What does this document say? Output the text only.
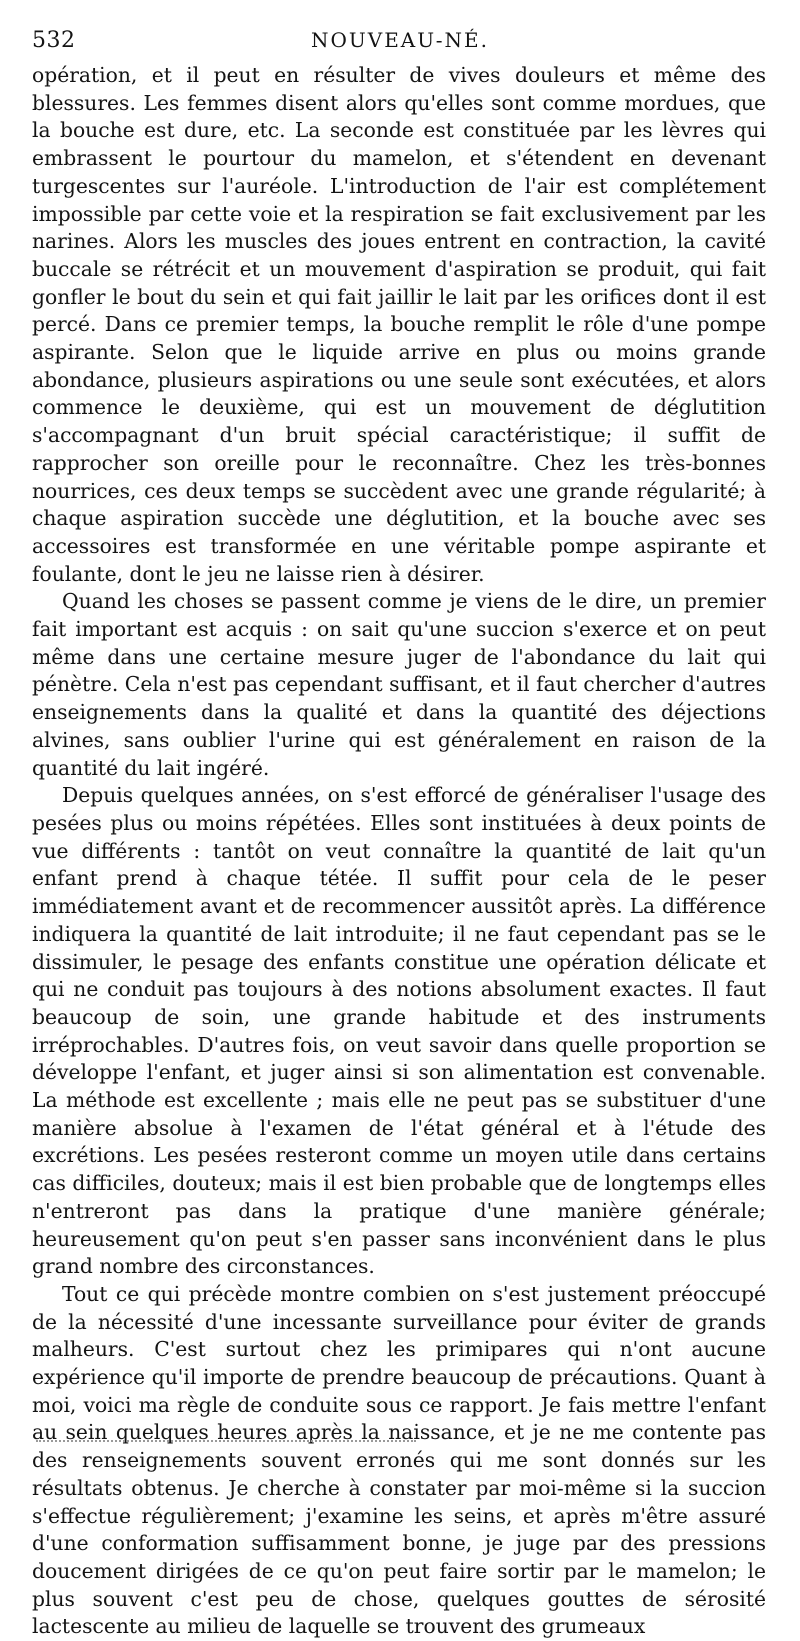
532	NOUVEAU-NÉ.

opération, et il peut en résulter de vives douleurs et même des blessures. Les femmes disent alors qu'elles sont comme mordues, que la bouche est dure, etc. La seconde est constituée par les lèvres qui embrassent le pourtour du mamelon, et s'étendent en devenant turgescentes sur l'auréole. L'introduction de l'air est complétement impossible par cette voie et la respiration se fait exclusivement par les narines. Alors les muscles des joues entrent en contraction, la cavité buccale se rétrécit et un mouvement d'aspiration se produit, qui fait gonfler le bout du sein et qui fait jaillir le lait par les orifices dont il est percé. Dans ce premier temps, la bouche remplit le rôle d'une pompe aspirante. Selon que le liquide arrive en plus ou moins grande abondance, plusieurs aspirations ou une seule sont exécutées, et alors commence le deuxième, qui est un mouvement de déglutition s'accompagnant d'un bruit spécial caractéristique; il suffit de rapprocher son oreille pour le reconnaître. Chez les très-bonnes nourrices, ces deux temps se succèdent avec une grande régularité; à chaque aspiration succède une déglutition, et la bouche avec ses accessoires est transformée en une véritable pompe aspirante et foulante, dont le jeu ne laisse rien à désirer.

Quand les choses se passent comme je viens de le dire, un premier fait important est acquis : on sait qu'une succion s'exerce et on peut même dans une certaine mesure juger de l'abondance du lait qui pénètre. Cela n'est pas cependant suffisant, et il faut chercher d'autres enseignements dans la qualité et dans la quantité des déjections alvines, sans oublier l'urine qui est généralement en raison de la quantité du lait ingéré.

Depuis quelques années, on s'est efforcé de généraliser l'usage des pesées plus ou moins répétées. Elles sont instituées à deux points de vue différents : tantôt on veut connaître la quantité de lait qu'un enfant prend à chaque tétée. Il suffit pour cela de le peser immédiatement avant et de recommencer aussitôt après. La différence indiquera la quantité de lait introduite; il ne faut cependant pas se le dissimuler, le pesage des enfants constitue une opération délicate et qui ne conduit pas toujours à des notions absolument exactes. Il faut beaucoup de soin, une grande habitude et des instruments irréprochables. D'autres fois, on veut savoir dans quelle proportion se développe l'enfant, et juger ainsi si son alimentation est convenable. La méthode est excellente ; mais elle ne peut pas se substituer d'une manière absolue à l'examen de l'état général et à l'étude des excrétions. Les pesées resteront comme un moyen utile dans certains cas difficiles, douteux; mais il est bien probable que de longtemps elles n'entreront pas dans la pratique d'une manière générale; heureusement qu'on peut s'en passer sans inconvénient dans le plus grand nombre des circonstances.

Tout ce qui précède montre combien on s'est justement préoccupé de la nécessité d'une incessante surveillance pour éviter de grands malheurs. C'est surtout chez les primipares qui n'ont aucune expérience qu'il importe de prendre beaucoup de précautions. Quant à moi, voici ma règle de conduite sous ce rapport. Je fais mettre l'enfant au sein quelques heures après la naissance, et je ne me contente pas des renseignements souvent erronés qui me sont donnés sur les résultats obtenus. Je cherche à constater par moi-même si la succion s'effectue régulièrement; j'examine les seins, et après m'être assuré d'une conformation suffisamment bonne, je juge par des pressions doucement dirigées de ce qu'on peut faire sortir par le mamelon; le plus souvent c'est peu de chose, quelques gouttes de sérosité lactescente au milieu de laquelle se trouvent des grumeaux
